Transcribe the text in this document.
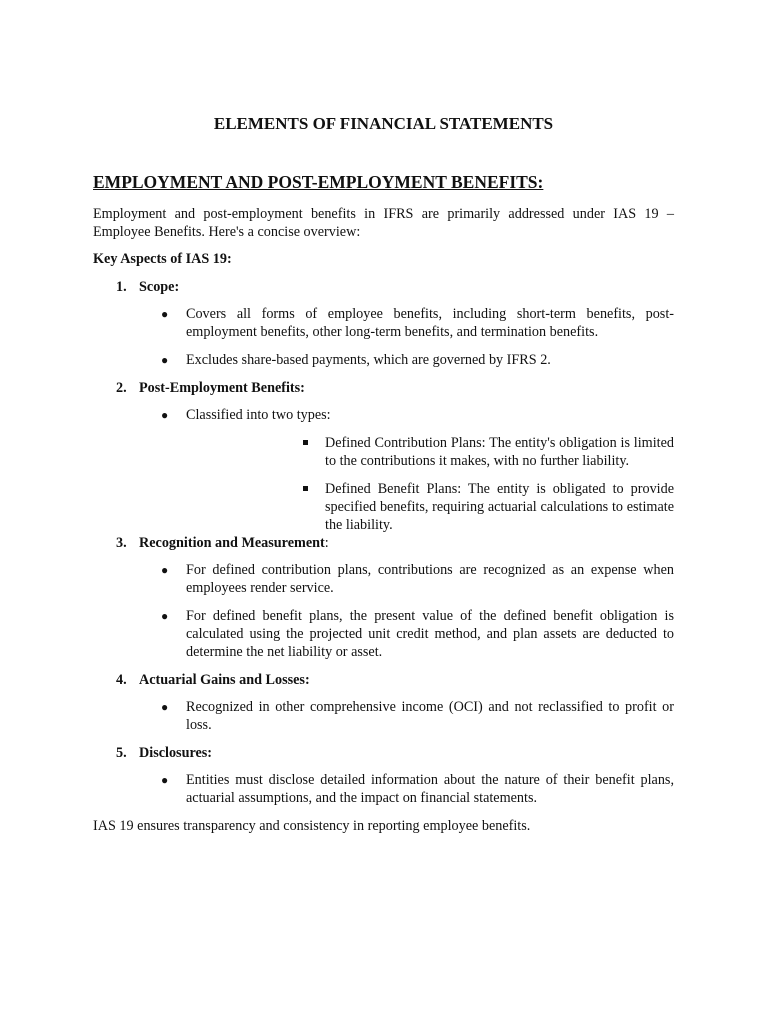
ELEMENTS OF FINANCIAL STATEMENTS
EMPLOYMENT AND POST-EMPLOYMENT BENEFITS:

Employment and post-employment benefits in IFRS are primarily addressed under IAS 19 – Employee Benefits. Here's a concise overview:

Key Aspects of IAS 19:

1. Scope:
● Covers all forms of employee benefits, including short-term benefits, post-employment benefits, other long-term benefits, and termination benefits.
● Excludes share-based payments, which are governed by IFRS 2.
2. Post-Employment Benefits:
● Classified into two types:
Defined Contribution Plans: The entity's obligation is limited to the contributions it makes, with no further liability.
Defined Benefit Plans: The entity is obligated to provide specified benefits, requiring actuarial calculations to estimate the liability.
3. Recognition and Measurement:
● For defined contribution plans, contributions are recognized as an expense when employees render service.
● For defined benefit plans, the present value of the defined benefit obligation is calculated using the projected unit credit method, and plan assets are deducted to determine the net liability or asset.
4. Actuarial Gains and Losses:
● Recognized in other comprehensive income (OCI) and not reclassified to profit or loss.
5. Disclosures:
● Entities must disclose detailed information about the nature of their benefit plans, actuarial assumptions, and the impact on financial statements.

IAS 19 ensures transparency and consistency in reporting employee benefits.
